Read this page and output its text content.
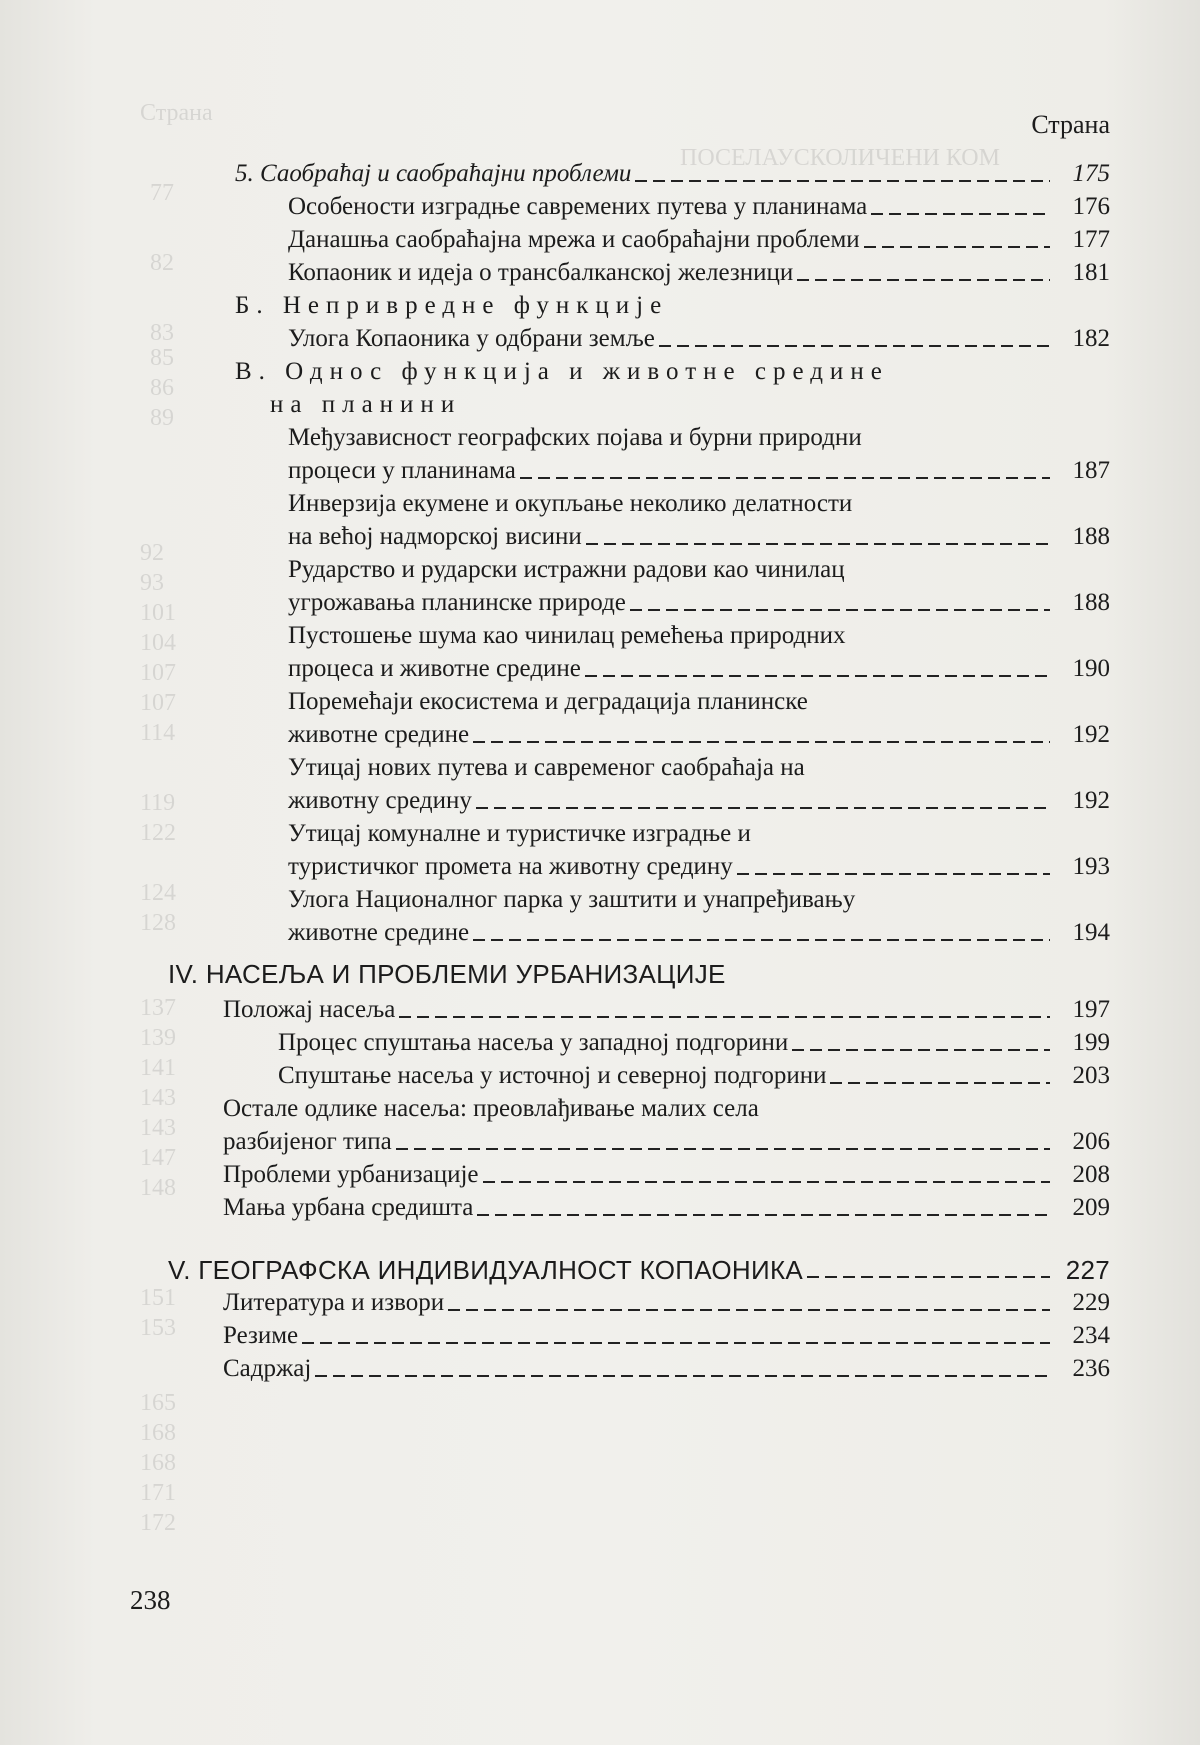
Страна
ПОСЕЛАУСКОЛИЧЕНИ КОМ
77
82
83
85
86
89
92
93
101
104
107
107
114
119
122
124
128
137
139
141
143
143
147
148
151
153
165
168
168
171
172
Страна
5. Саобраћај и саобраћајни проблеми	175
Особености изградње савремених путева у планинама	176
Данашња саобраћајна мрежа и саобраћајни проблеми	177
Копаоник и идеја о трансбалканској железници	181
Б. Непривредне функције
Улога Копаоника у одбрани земље	182
В. Однос функција и животне средине
на планини
Међузависност географских појава и бурни природни
процеси у планинама	187
Инверзија екумене и окупљање неколико делатности
на већој надморској висини	188
Рударство и рударски истражни радови као чинилац
угрожавања планинске природе	188
Пустошење шума као чинилац ремећења природних
процеса и животне средине	190
Поремећаји екосистема и деградација планинске
животне средине	192
Утицај нових путева и савременог саобраћаја на
животну средину	192
Утицај комуналне и туристичке изградње и
туристичког промета на животну средину	193
Улога Националног парка у заштити и унапређивању
животне средине	194
IV. НАСЕЉА И ПРОБЛЕМИ УРБАНИЗАЦИЈЕ
Положај насеља	197
Процес спуштања насеља у западној подгорини	199
Спуштање насеља у источној и северној подгорини	203
Остале одлике насеља: преовлађивање малих села
разбијеног типа	206
Проблеми урбанизације	208
Мања урбана средишта	209
V. ГЕОГРАФСКА ИНДИВИДУАЛНОСТ КОПАОНИКА	227
Литература и извори	229
Резиме	234
Садржај	236
238
